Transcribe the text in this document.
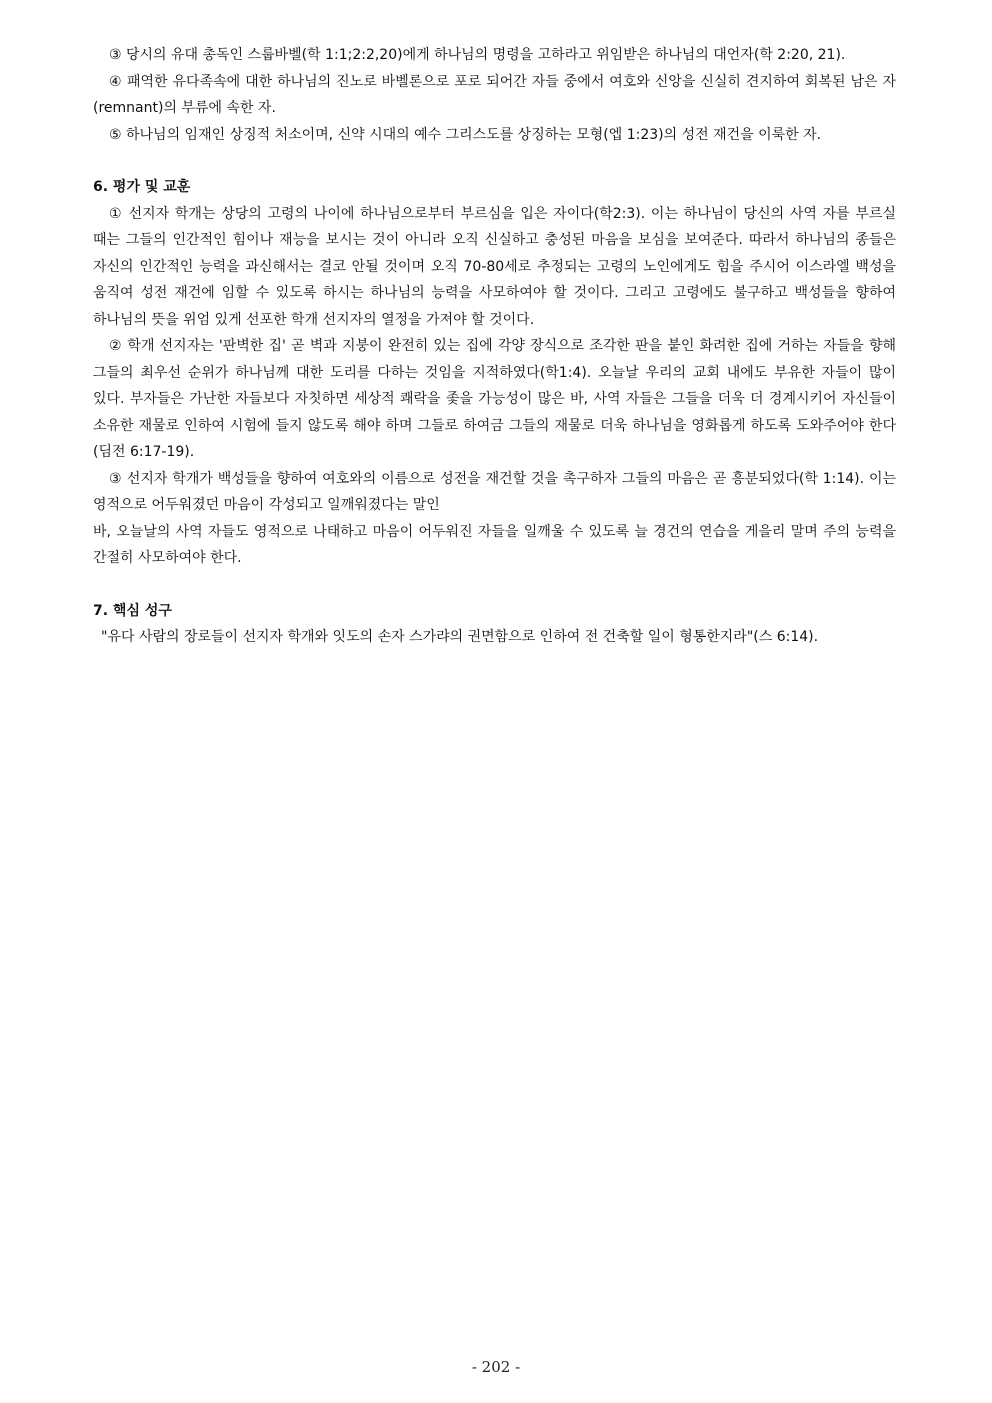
③ 당시의 유대 총독인 스룹바벨(학 1:1;2:2,20)에게 하나님의 명령을 고하라고 위임받은 하나님의 대언자(학 2:20, 21).

④ 패역한 유다족속에 대한 하나님의 진노로 바벨론으로 포로 되어간 자들 중에서 여호와 신앙을 신실히 견지하여 회복된 남은 자(remnant)의 부류에 속한 자.

⑤ 하나님의 임재인 상징적 처소이며, 신약 시대의 예수 그리스도를 상징하는 모형(엡 1:23)의 성전 재건을 이룩한 자.

6. 평가 및 교훈

① 선지자 학개는 상당의 고령의 나이에 하나님으로부터 부르심을 입은 자이다(학2:3). 이는 하나님이 당신의 사역 자를 부르실 때는 그들의 인간적인 힘이나 재능을 보시는 것이 아니라 오직 신실하고 충성된 마음을 보심을 보여준다. 따라서 하나님의 종들은 자신의 인간적인 능력을 과신해서는 결코 안될 것이며 오직 70-80세로 추정되는 고령의 노인에게도 힘을 주시어 이스라엘 백성을 움직여 성전 재건에 임할 수 있도록 하시는 하나님의 능력을 사모하여야 할 것이다. 그리고 고령에도 불구하고 백성들을 향하여 하나님의 뜻을 위엄 있게 선포한 학개 선지자의 열정을 가져야 할 것이다.

② 학개 선지자는 '판벽한 집' 곧 벽과 지붕이 완전히 있는 집에 각양 장식으로 조각한 판을 붙인 화려한 집에 거하는 자들을 향해 그들의 최우선 순위가 하나님께 대한 도리를 다하는 것임을 지적하였다(학1:4). 오늘날 우리의 교회 내에도 부유한 자들이 많이 있다. 부자들은 가난한 자들보다 자칫하면 세상적 쾌락을 좇을 가능성이 많은 바, 사역 자들은 그들을 더욱 더 경계시키어 자신들이 소유한 재물로 인하여 시험에 들지 않도록 해야 하며 그들로 하여금 그들의 재물로 더욱 하나님을 영화롭게 하도록 도와주어야 한다(딤전 6:17-19).

③ 선지자 학개가 백성들을 향하여 여호와의 이름으로 성전을 재건할 것을 촉구하자 그들의 마음은 곧 흥분되었다(학 1:14). 이는 영적으로 어두워졌던 마음이 각성되고 일깨워졌다는 말인

바, 오늘날의 사역 자들도 영적으로 나태하고 마음이 어두워진 자들을 일깨울 수 있도록 늘 경건의 연습을 게을리 말며 주의 능력을 간절히 사모하여야 한다.

7. 핵심 성구

"유다 사람의 장로들이 선지자 학개와 잇도의 손자 스가랴의 권면함으로 인하여 전 건축할 일이 형통한지라"(스 6:14).

- 202 -
